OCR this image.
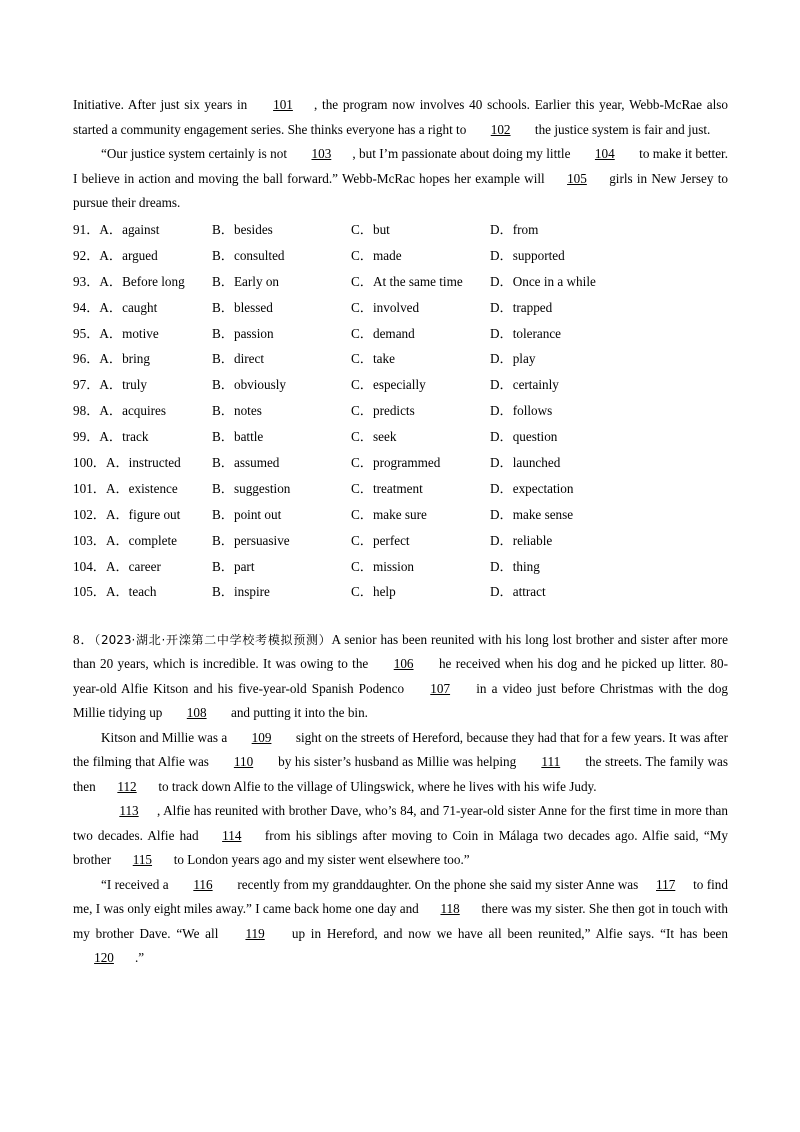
Initiative. After just six years in 101 , the program now involves 40 schools. Earlier this year, Webb-McRae also started a community engagement series. She thinks everyone has a right to 102 the justice system is fair and just.

“Our justice system certainly is not 103 , but I’m passionate about doing my little 104 to make it better. I believe in action and moving the ball forward.” Webb-McRac hopes her example will 105 girls in New Jersey to pursue their dreams.

91．A．against	B．besides	C．but	D．from
92．A．argued	B．consulted	C．made	D．supported
93．A．Before long	B．Early on	C．At the same time	D．Once in a while
94．A．caught	B．blessed	C．involved	D．trapped
95．A．motive	B．passion	C．demand	D．tolerance
96．A．bring	B．direct	C．take	D．play
97．A．truly	B．obviously	C．especially	D．certainly
98．A．acquires	B．notes	C．predicts	D．follows
99．A．track	B．battle	C．seek	D．question
100．A．instructed	B．assumed	C．programmed	D．launched
101．A．existence	B．suggestion	C．treatment	D．expectation
102．A．figure out	B．point out	C．make sure	D．make sense
103．A．complete	B．persuasive	C．perfect	D．reliable
104．A．career	B．part	C．mission	D．thing
105．A．teach	B．inspire	C．help	D．attract

8．（2023·湖北·开滦第二中学校考模拟预测）A senior has been reunited with his long lost brother and sister after more than 20 years, which is incredible. It was owing to the 106 he received when his dog and he picked up litter. 80-year-old Alfie Kitson and his five-year-old Spanish Podenco 107 in a video just before Christmas with the dog Millie tidying up 108 and putting it into the bin.

Kitson and Millie was a 109 sight on the streets of Hereford, because they had that for a few years. It was after the filming that Alfie was 110 by his sister’s husband as Millie was helping 111 the streets. The family was then 112 to track down Alfie to the village of Ulingswick, where he lives with his wife Judy.

113 , Alfie has reunited with brother Dave, who’s 84, and 71-year-old sister Anne for the first time in more than two decades. Alfie had 114 from his siblings after moving to Coin in Málaga two decades ago. Alfie said, “My brother 115 to London years ago and my sister went elsewhere too.”

“I received a 116 recently from my granddaughter. On the phone she said my sister Anne was 117 to find me, I was only eight miles away.” I came back home one day and 118 there was my sister. She then got in touch with my brother Dave. “We all 119 up in Hereford, and now we have all been reunited,” Alfie says. “It has been 120 .”
